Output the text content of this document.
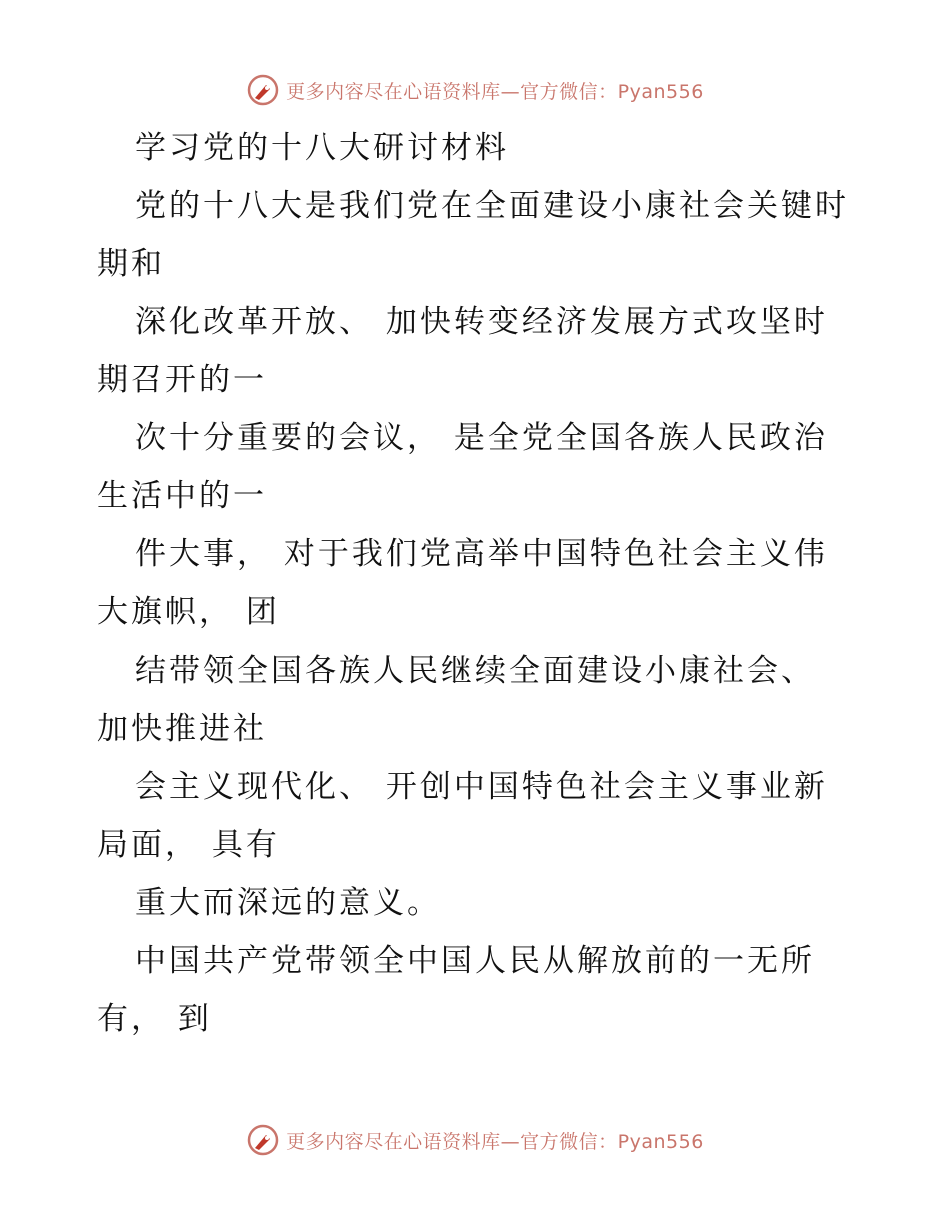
更多内容尽在心语资料库—官方微信：Pyan556
学习党的十八大研讨材料
党的十八大是我们党在全面建设小康社会关键时
期和
深化改革开放、 加快转变经济发展方式攻坚时
期召开的一
次十分重要的会议， 是全党全国各族人民政治
生活中的一
件大事， 对于我们党高举中国特色社会主义伟
大旗帜， 团
结带领全国各族人民继续全面建设小康社会、
加快推进社
会主义现代化、 开创中国特色社会主义事业新
局面， 具有
重大而深远的意义。
中国共产党带领全中国人民从解放前的一无所
有， 到
更多内容尽在心语资料库—官方微信：Pyan556
